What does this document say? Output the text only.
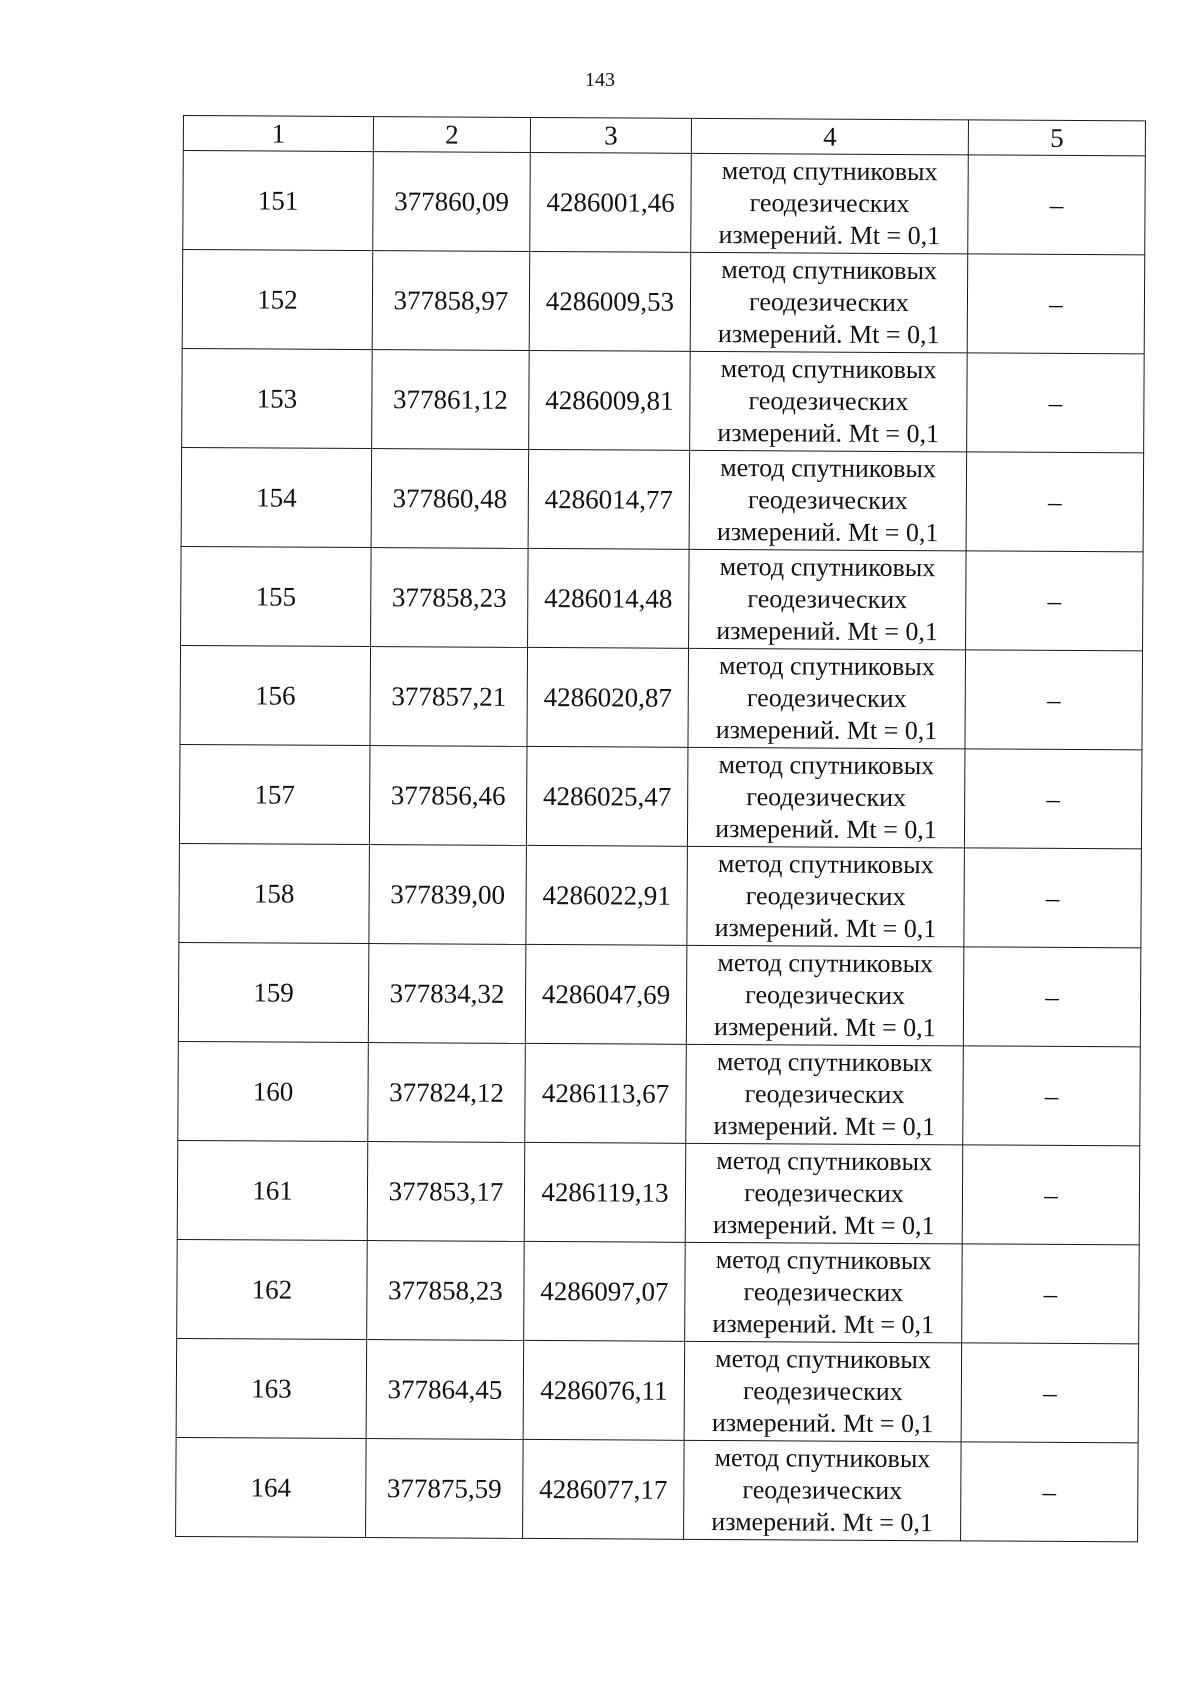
143
1	2	3	4	5
151	377860,09	4286001,46	метод спутниковых
геодезических
измерений. Mt = 0,1	–
152	377858,97	4286009,53	метод спутниковых
геодезических
измерений. Mt = 0,1	–
153	377861,12	4286009,81	метод спутниковых
геодезических
измерений. Mt = 0,1	–
154	377860,48	4286014,77	метод спутниковых
геодезических
измерений. Mt = 0,1	–
155	377858,23	4286014,48	метод спутниковых
геодезических
измерений. Mt = 0,1	–
156	377857,21	4286020,87	метод спутниковых
геодезических
измерений. Mt = 0,1	–
157	377856,46	4286025,47	метод спутниковых
геодезических
измерений. Mt = 0,1	–
158	377839,00	4286022,91	метод спутниковых
геодезических
измерений. Mt = 0,1	–
159	377834,32	4286047,69	метод спутниковых
геодезических
измерений. Mt = 0,1	–
160	377824,12	4286113,67	метод спутниковых
геодезических
измерений. Mt = 0,1	–
161	377853,17	4286119,13	метод спутниковых
геодезических
измерений. Mt = 0,1	–
162	377858,23	4286097,07	метод спутниковых
геодезических
измерений. Mt = 0,1	–
163	377864,45	4286076,11	метод спутниковых
геодезических
измерений. Mt = 0,1	–
164	377875,59	4286077,17	метод спутниковых
геодезических
измерений. Mt = 0,1	–
